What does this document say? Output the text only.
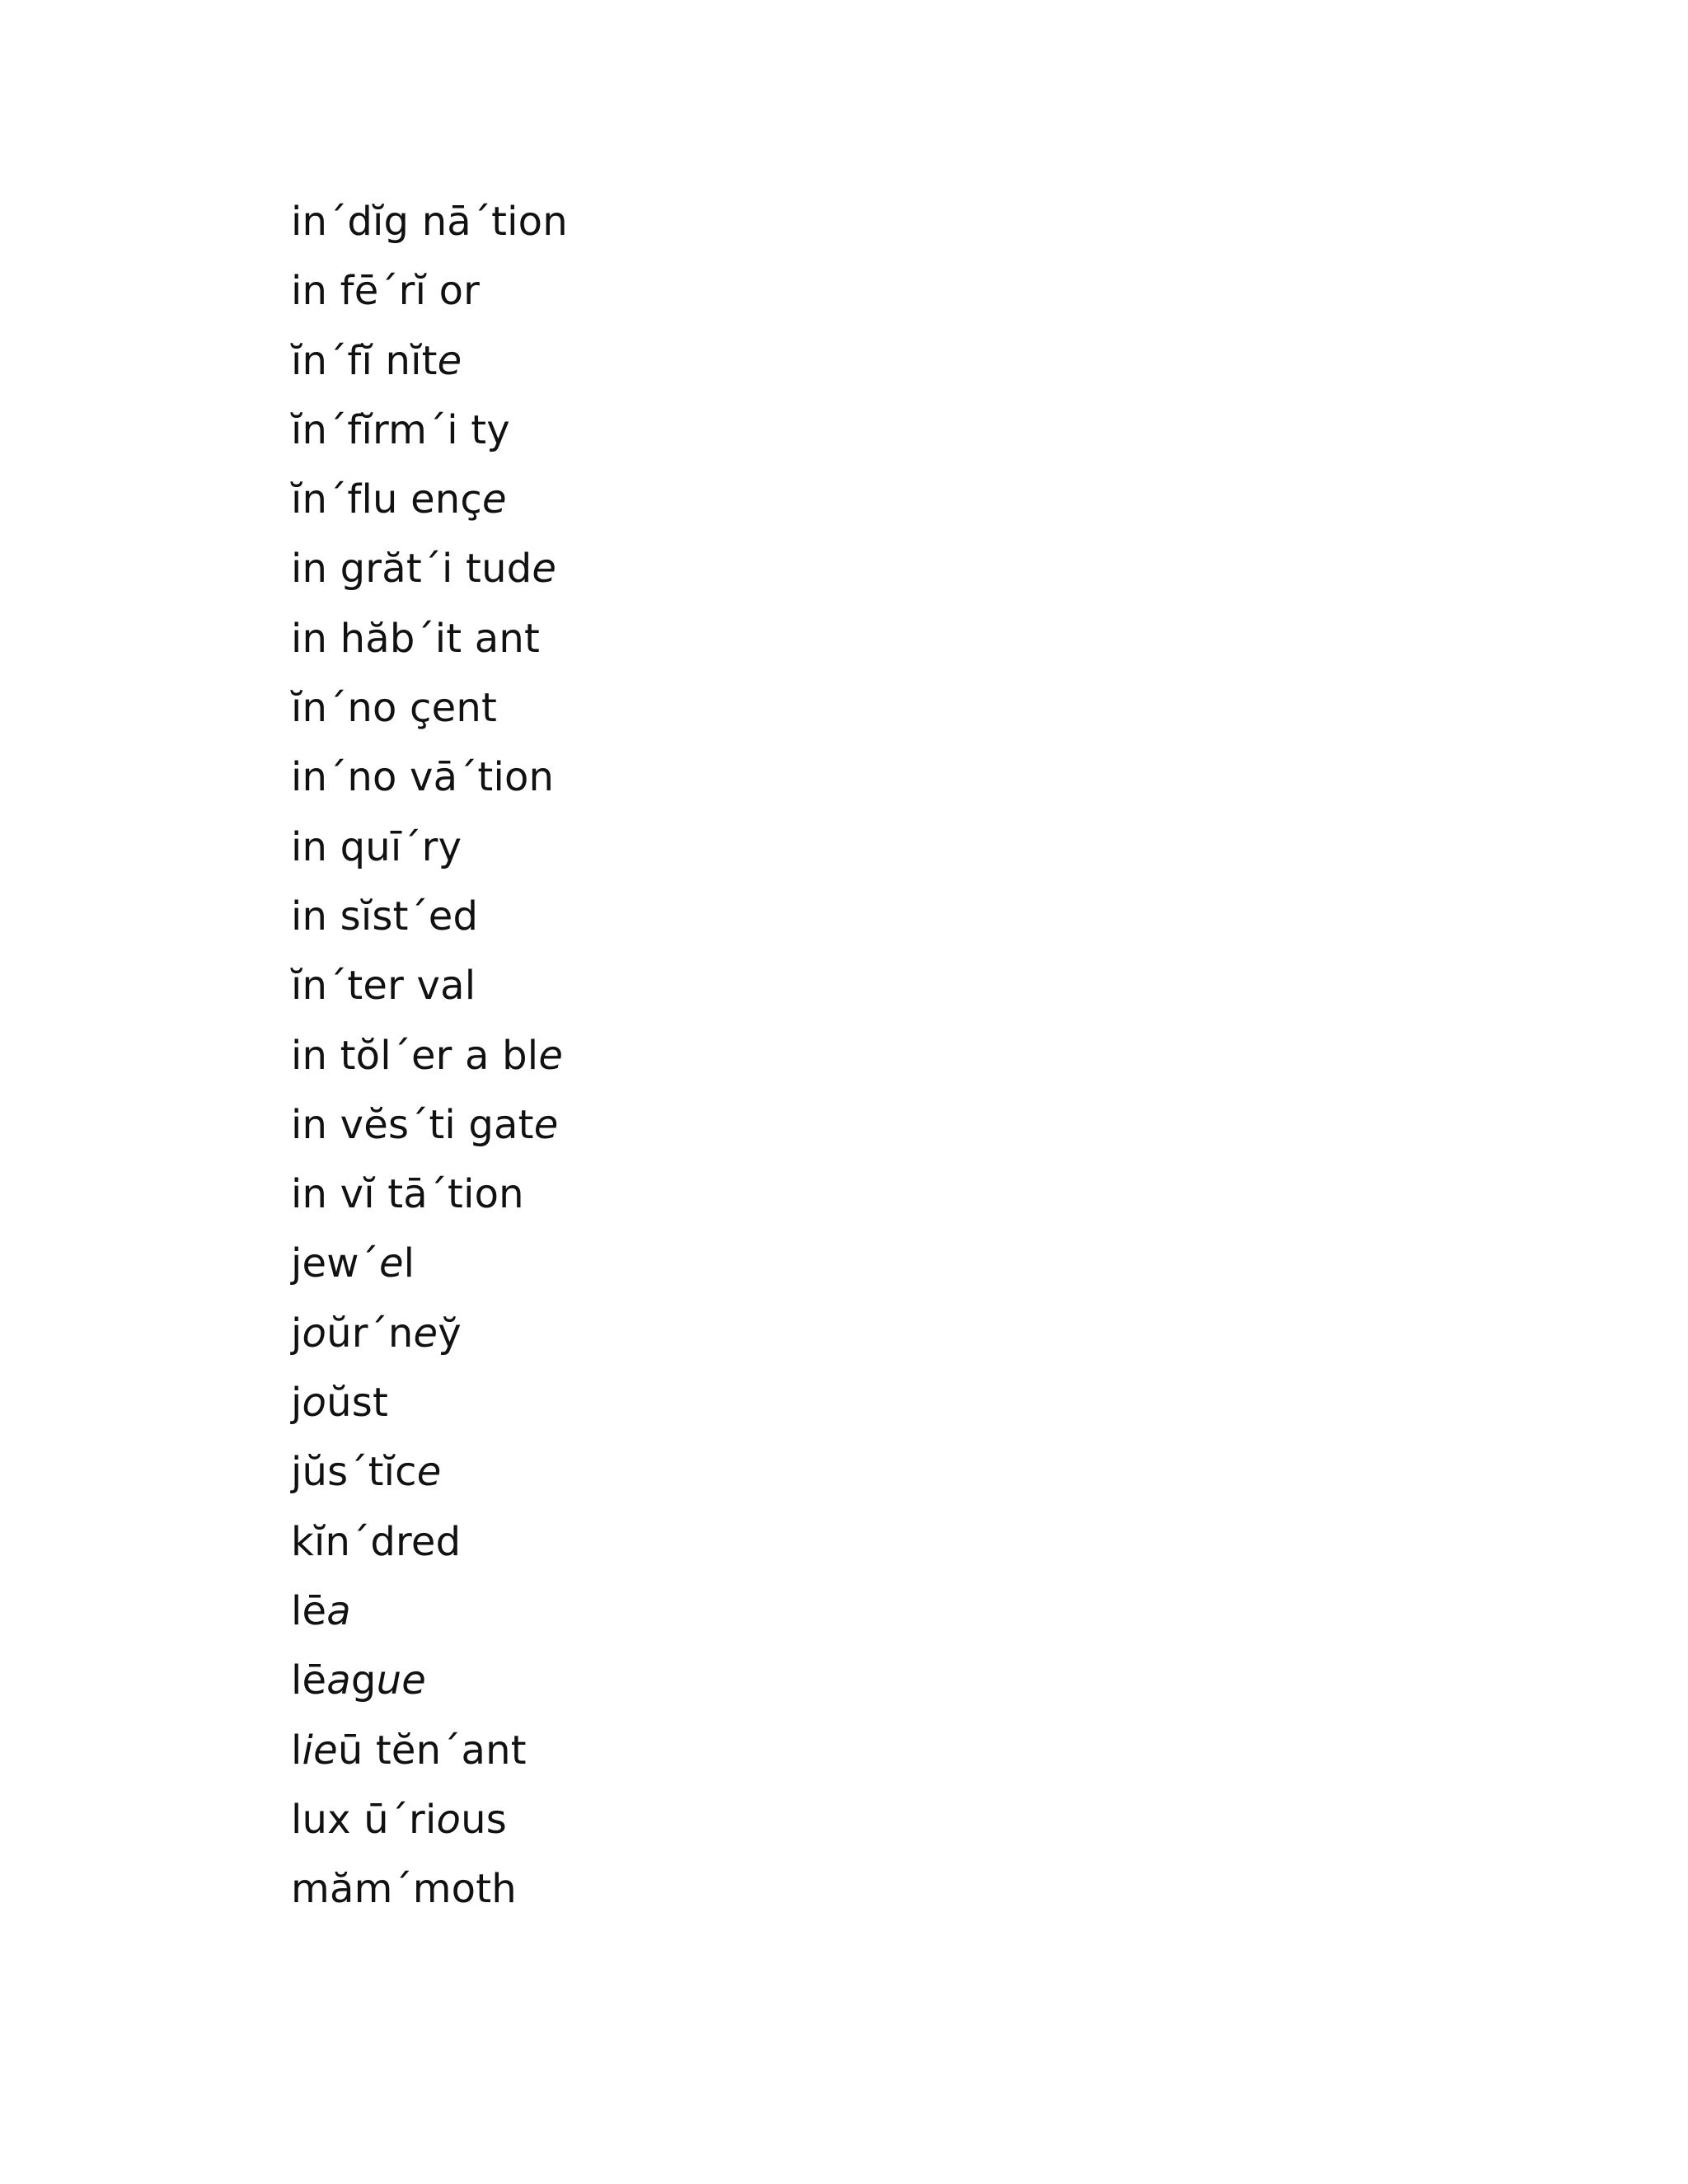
in´dĭg nā´tion
in fē´rĭ or
ĭn´fĭ nĭte
ĭn´fĭrm´i ty
ĭn´flu ençe
in grăt´i tude
in hăb´it ant
ĭn´no çent
in´no vā´tion
in quī´ry
in sĭst´ed
ĭn´ter val
in tŏl´er a ble
in vĕs´ti gate
in vĭ tā´tion
jew´el
joŭr´neў
joŭst
jŭs´tĭce
kĭn´dred
lēa
lēague
lieū tĕn´ant
lux ū´rious
măm´moth
